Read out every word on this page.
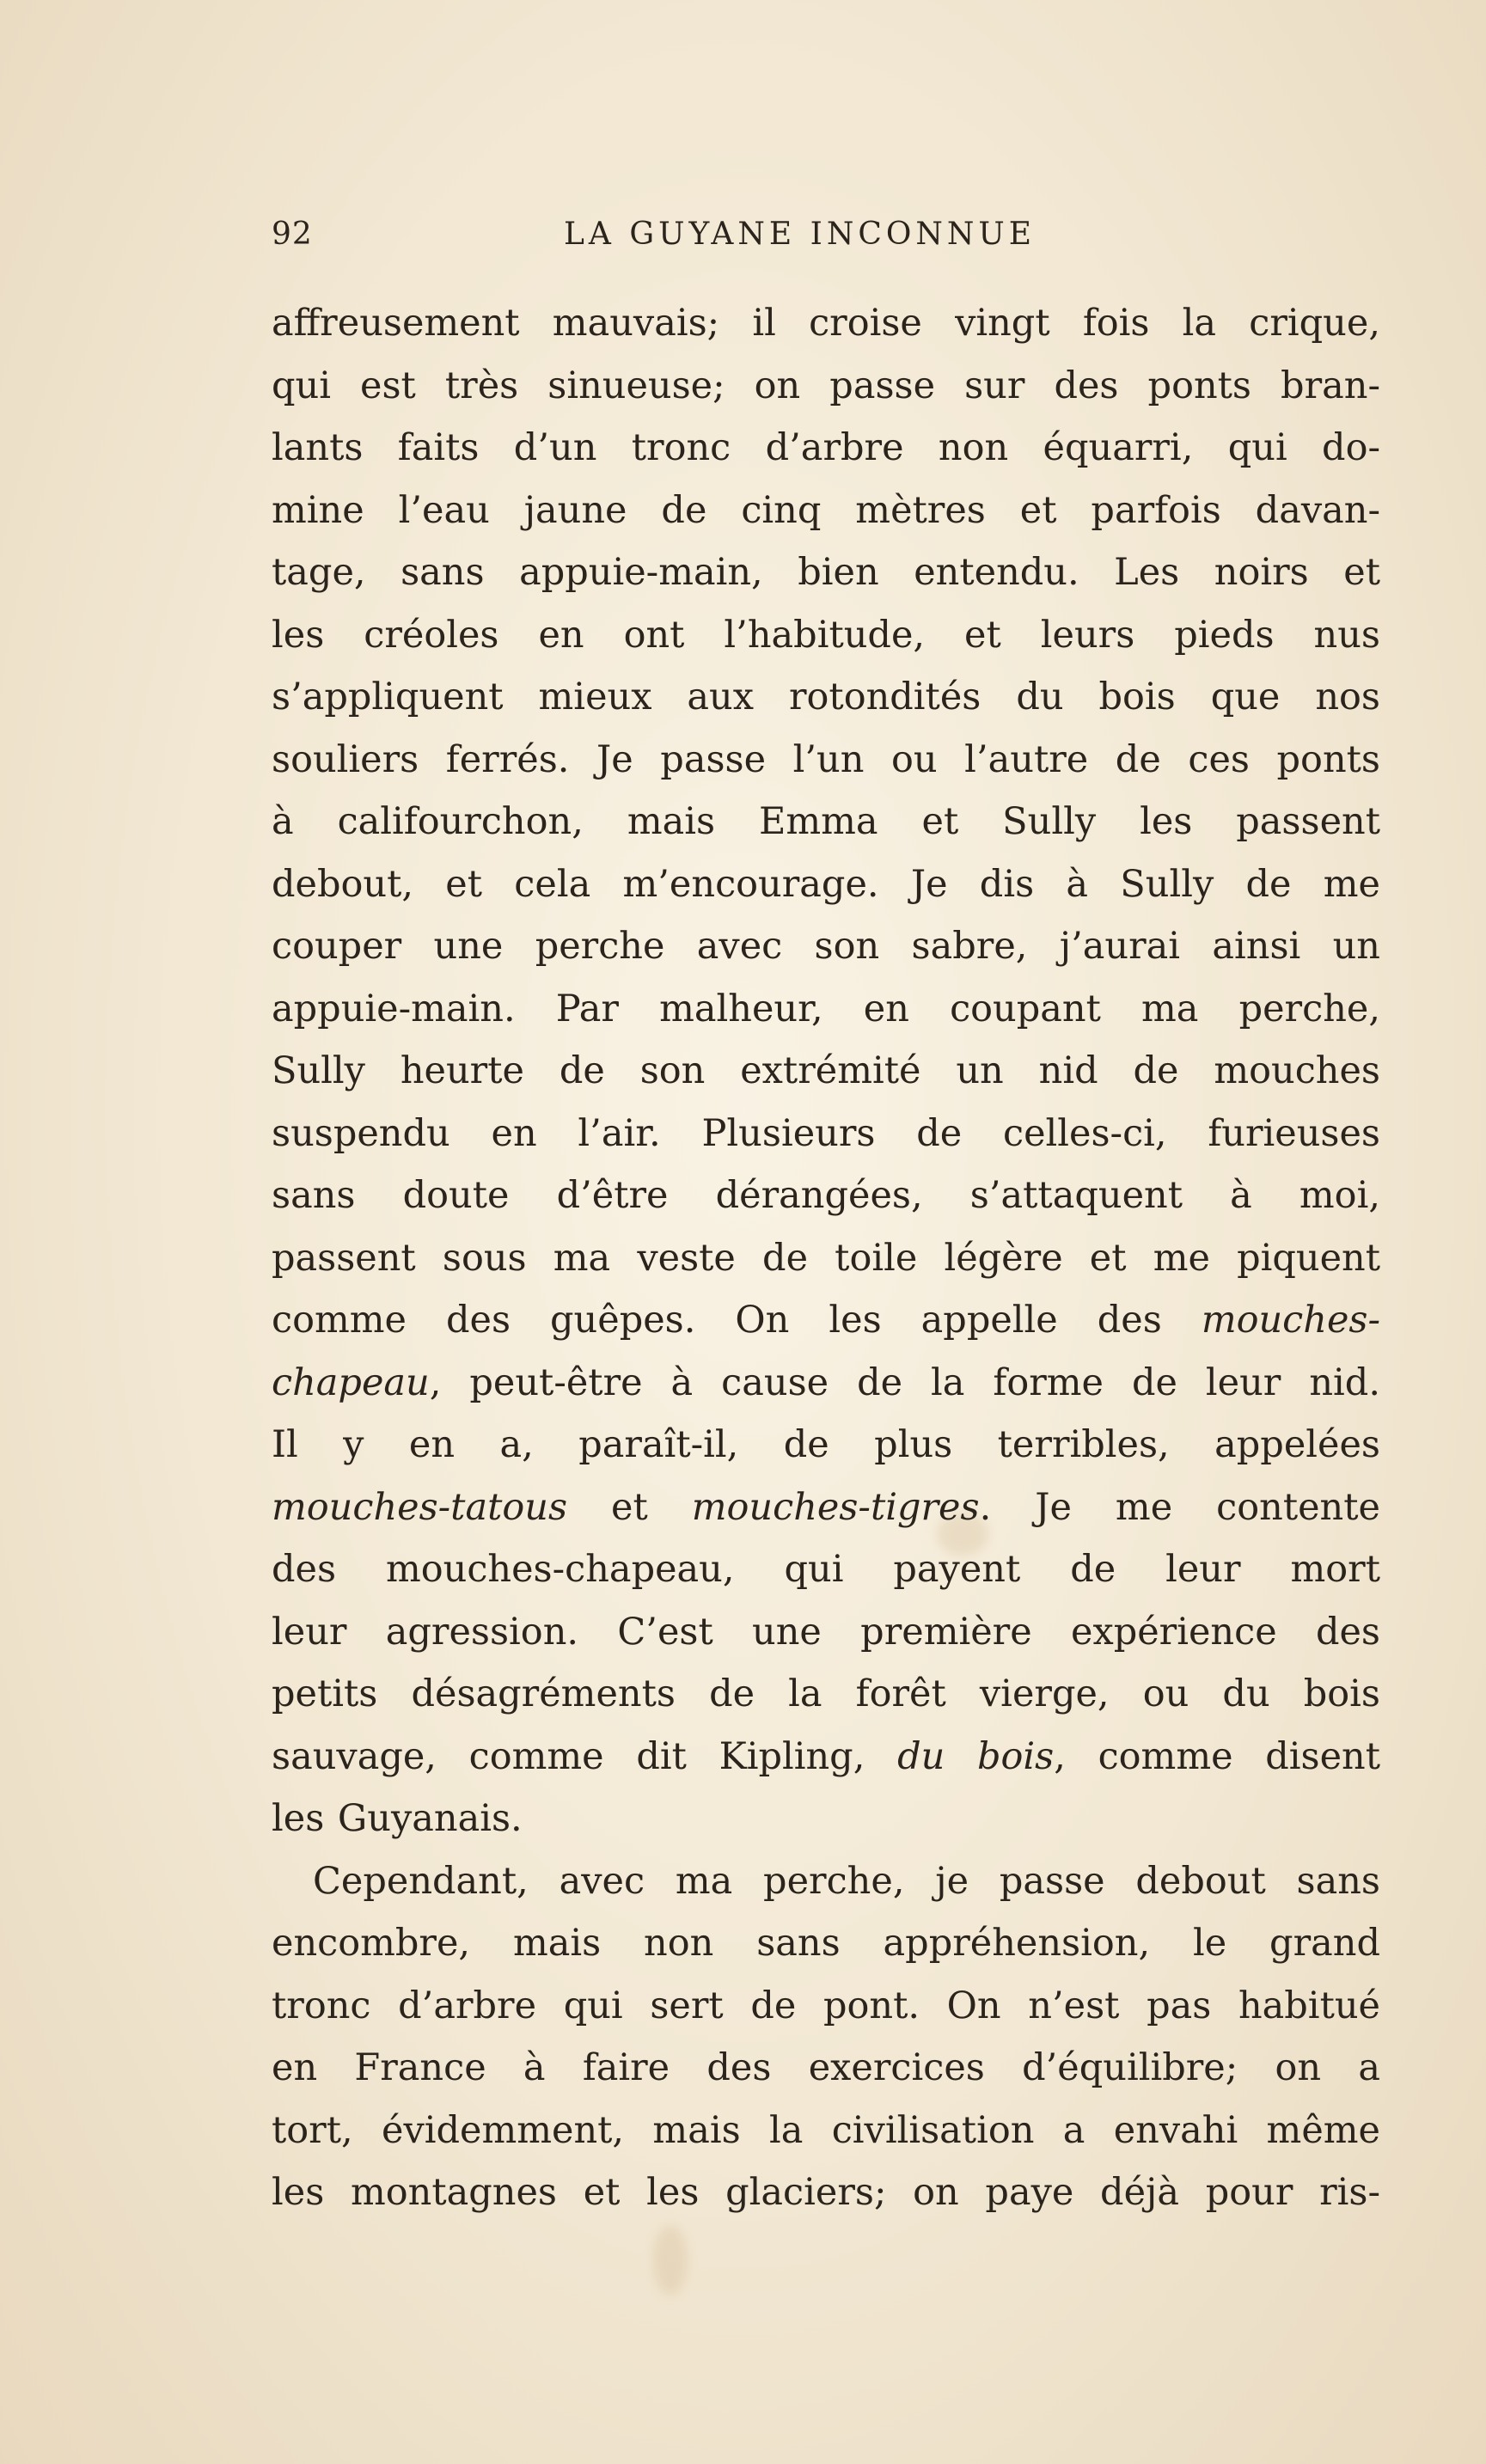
92	LA GUYANE INCONNUE
affreusement mauvais; il croise vingt fois la crique,
qui est très sinueuse; on passe sur des ponts bran-
lants faits d’un tronc d’arbre non équarri, qui do-
mine l’eau jaune de cinq mètres et parfois davan-
tage, sans appuie-main, bien entendu. Les noirs et
les créoles en ont l’habitude, et leurs pieds nus
s’appliquent mieux aux rotondités du bois que nos
souliers ferrés. Je passe l’un ou l’autre de ces ponts
à califourchon, mais Emma et Sully les passent
debout, et cela m’encourage. Je dis à Sully de me
couper une perche avec son sabre, j’aurai ainsi un
appuie-main. Par malheur, en coupant ma perche,
Sully heurte de son extrémité un nid de mouches
suspendu en l’air. Plusieurs de celles-ci, furieuses
sans doute d’être dérangées, s’attaquent à moi,
passent sous ma veste de toile légère et me piquent
comme des guêpes. On les appelle des mouches-
chapeau, peut-être à cause de la forme de leur nid.
Il y en a, paraît-il, de plus terribles, appelées
mouches-tatous et mouches-tigres. Je me contente
des mouches-chapeau, qui payent de leur mort
leur agression. C’est une première expérience des
petits désagréments de la forêt vierge, ou du bois
sauvage, comme dit Kipling, du bois, comme disent
les Guyanais.
Cependant, avec ma perche, je passe debout sans
encombre, mais non sans appréhension, le grand
tronc d’arbre qui sert de pont. On n’est pas habitué
en France à faire des exercices d’équilibre; on a
tort, évidemment, mais la civilisation a envahi même
les montagnes et les glaciers; on paye déjà pour ris-
